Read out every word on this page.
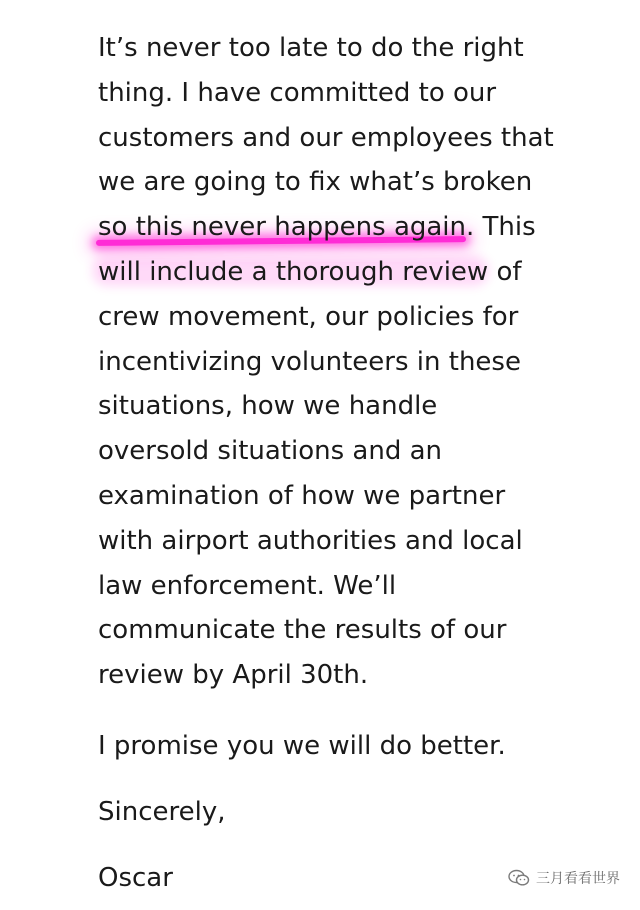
It’s never too late to do the right
thing. I have committed to our
customers and our employees that
we are going to fix what’s broken
so this never happens again. This
will include a thorough review of
crew movement, our policies for
incentivizing volunteers in these
situations, how we handle
oversold situations and an
examination of how we partner
with airport authorities and local
law enforcement. We’ll
communicate the results of our
review by April 30th.
I promise you we will do better.
Sincerely,
Oscar	三月看看世界
